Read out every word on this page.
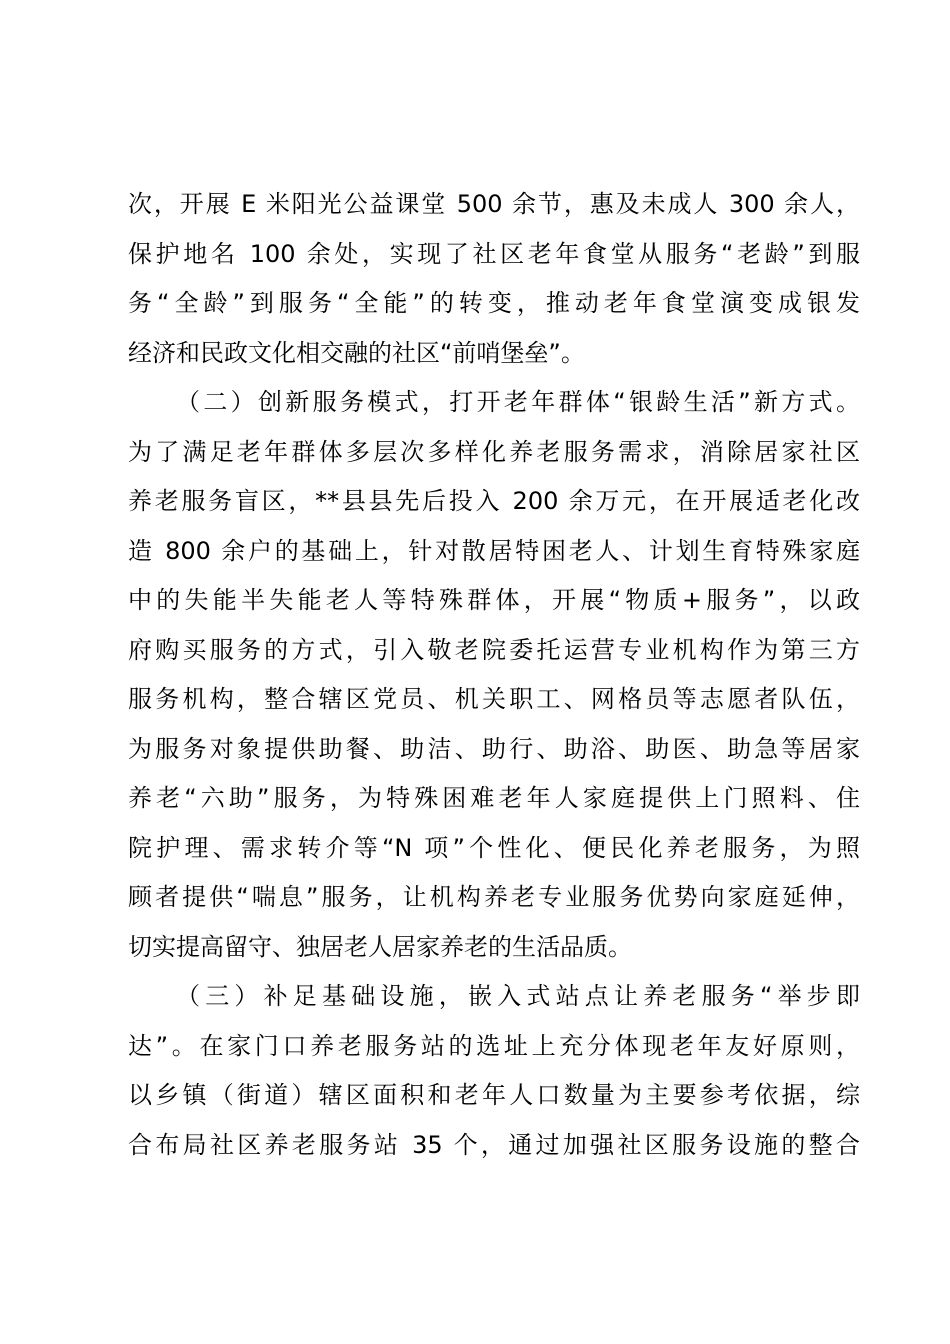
次，开展 E 米阳光公益课堂 500 余节，惠及未成人 300 余人，
保护地名 100 余处，实现了社区老年食堂从服务“老龄”到服
务“全龄”到服务“全能”的转变，推动老年食堂演变成银发
经济和民政文化相交融的社区“前哨堡垒”。
（二）创新服务模式，打开老年群体“银龄生活”新方式。
为了满足老年群体多层次多样化养老服务需求，消除居家社区
养老服务盲区，**县县先后投入 200 余万元，在开展适老化改
造 800 余户的基础上，针对散居特困老人、计划生育特殊家庭
中的失能半失能老人等特殊群体，开展“物质+服务”，以政
府购买服务的方式，引入敬老院委托运营专业机构作为第三方
服务机构，整合辖区党员、机关职工、网格员等志愿者队伍，
为服务对象提供助餐、助洁、助行、助浴、助医、助急等居家
养老“六助”服务，为特殊困难老年人家庭提供上门照料、住
院护理、需求转介等“N 项”个性化、便民化养老服务，为照
顾者提供“喘息”服务，让机构养老专业服务优势向家庭延伸，
切实提高留守、独居老人居家养老的生活品质。
（三）补足基础设施，嵌入式站点让养老服务“举步即
达”。在家门口养老服务站的选址上充分体现老年友好原则，
以乡镇（街道）辖区面积和老年人口数量为主要参考依据，综
合布局社区养老服务站 35 个，通过加强社区服务设施的整合
